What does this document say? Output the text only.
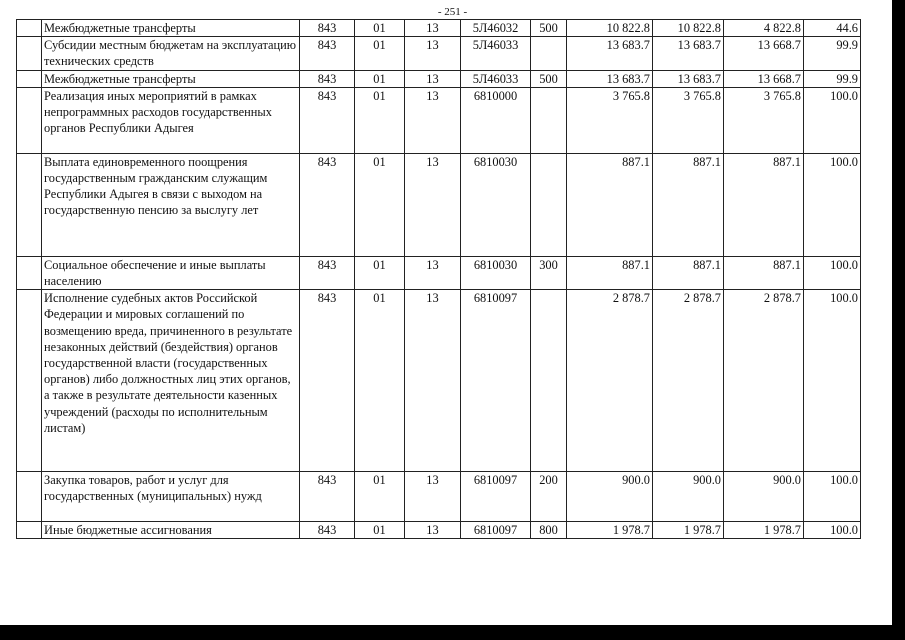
- 251 -
	Межбюджетные трансферты	843	01	13	5Л46032	500	10 822.8	10 822.8	4 822.8	44.6
	Субсидии местным бюджетам на эксплуатацию технических средств	843	01	13	5Л46033		13 683.7	13 683.7	13 668.7	99.9
	Межбюджетные трансферты	843	01	13	5Л46033	500	13 683.7	13 683.7	13 668.7	99.9
	Реализация иных мероприятий в рамках непрограммных расходов государственных органов Республики Адыгея	843	01	13	6810000		3 765.8	3 765.8	3 765.8	100.0
	Выплата единовременного поощрения государственным гражданским служащим Республики Адыгея в связи с выходом на государственную пенсию за выслугу лет	843	01	13	6810030		887.1	887.1	887.1	100.0
	Социальное обеспечение и иные выплаты населению	843	01	13	6810030	300	887.1	887.1	887.1	100.0
	Исполнение судебных актов Российской Федерации и мировых соглашений по возмещению вреда, причиненного в результате незаконных действий (бездействия) органов государственной власти (государственных органов) либо должностных лиц этих органов, а также в результате деятельности казенных учреждений (расходы по исполнительным листам)	843	01	13	6810097		2 878.7	2 878.7	2 878.7	100.0
	Закупка товаров, работ и услуг для государственных (муниципальных) нужд	843	01	13	6810097	200	900.0	900.0	900.0	100.0
	Иные бюджетные ассигнования	843	01	13	6810097	800	1 978.7	1 978.7	1 978.7	100.0
